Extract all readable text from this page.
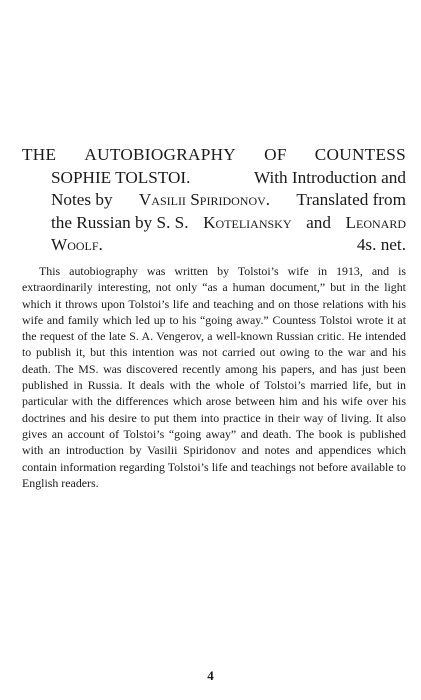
THE AUTOBIOGRAPHY OF COUNTESS
SOPHIE TOLSTOI.	With Introduction and
Notes by Vasilii Spiridonov. Translated from
the Russian by S. S. Koteliansky and Leonard
Woolf.	4s. net.

This autobiography was written by Tolstoi’s wife in 1913, and is extraordinarily interesting, not only “as a human document,” but in the light which it throws upon Tolstoi’s life and teaching and on those relations with his wife and family which led up to his “going away.” Countess Tolstoi wrote it at the request of the late S. A. Vengerov, a well-known Russian critic. He intended to publish it, but this intention was not carried out owing to the war and his death. The MS. was discovered recently among his papers, and has just been published in Russia. It deals with the whole of Tolstoi’s married life, but in particular with the differences which arose between him and his wife over his doctrines and his desire to put them into practice in their way of living. It also gives an account of Tolstoi’s “going away” and death. The book is published with an introduction by Vasilii Spiridonov and notes and appendices which contain information regarding Tolstoi’s life and teachings not before available to English readers.

4
